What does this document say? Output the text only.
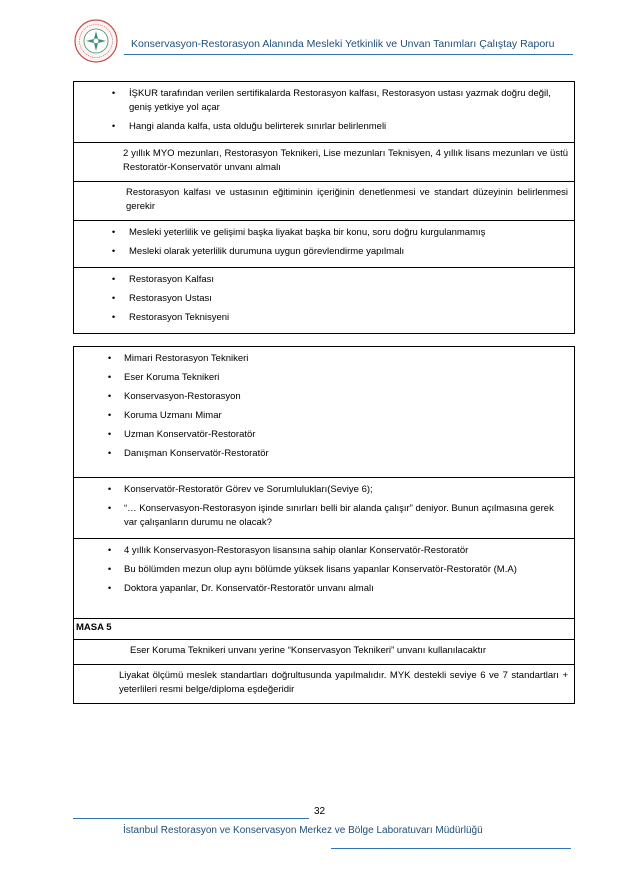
Konservasyon-Restorasyon Alanında Mesleki Yetkinlik ve Unvan Tanımları Çalıştay Raporu
•	İŞKUR tarafından verilen sertifikalarda Restorasyon kalfası, Restorasyon ustası yazmak doğru değil, geniş yetkiye yol açar
•	Hangi alanda kalfa, usta olduğu belirterek sınırlar belirlenmeli

2 yıllık MYO mezunları, Restorasyon Teknikeri, Lise mezunları Teknisyen, 4 yıllık lisans mezunları ve üstü Restoratör-Konservatör unvanı almalı

Restorasyon kalfası ve ustasının eğitiminin içeriğinin denetlenmesi ve standart düzeyinin belirlenmesi gerekir

•	Mesleki yeterlilik ve gelişimi başka liyakat başka bir konu, soru doğru kurgulanmamış
•	Mesleki olarak yeterlilik durumuna uygun görevlendirme yapılmalı

•	Restorasyon Kalfası
•	Restorasyon Ustası
•	Restorasyon Teknisyeni
•	Mimari Restorasyon Teknikeri
•	Eser Koruma Teknikeri
•	Konservasyon-Restorasyon
•	Koruma Uzmanı Mimar
•	Uzman Konservatör-Restoratör
•	Danışman Konservatör-Restoratör

•	Konservatör-Restoratör Görev ve Sorumlulukları(Seviye 6);
•	“… Konservasyon-Restorasyon işinde sınırları belli bir alanda çalışır” deniyor. Bunun açılmasına gerek var çalışanların durumu ne olacak?

•	4 yıllık Konservasyon-Restorasyon lisansına sahip olanlar Konservatör-Restoratör
•	Bu bölümden mezun olup aynı bölümde yüksek lisans yapanlar Konservatör-Restoratör (M.A)
•	Doktora yapanlar, Dr. Konservatör-Restoratör unvanı almalı

MASA 5

Eser Koruma Teknikeri unvanı yerine “Konservasyon Teknikeri” unvanı kullanılacaktır

Liyakat ölçümü meslek standartları doğrultusunda yapılmalıdır. MYK destekli seviye 6 ve 7 standartları + yeterlileri resmi belge/diploma eşdeğeridir
32
İstanbul Restorasyon ve Konservasyon Merkez ve Bölge Laboratuvarı Müdürlüğü
